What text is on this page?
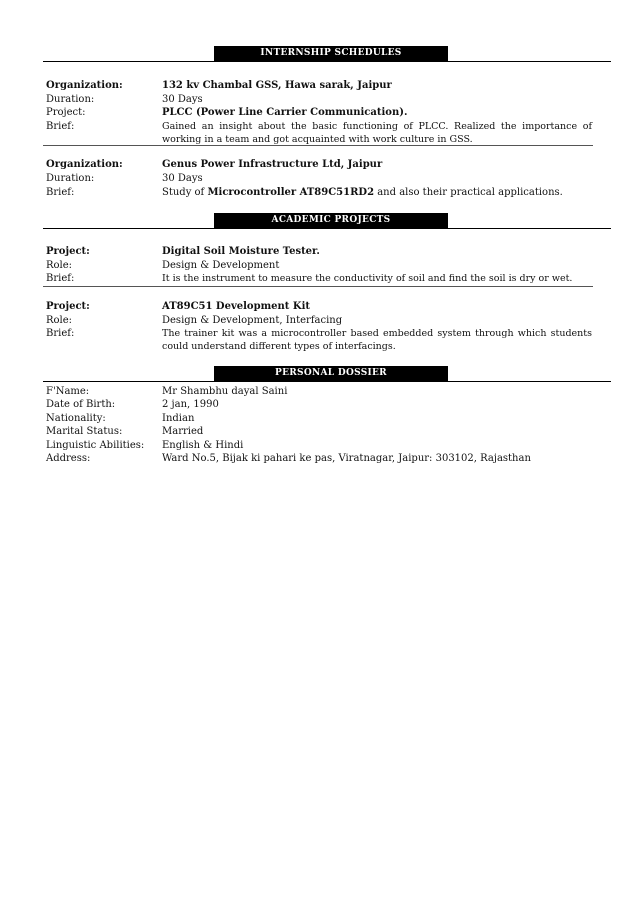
INTERNSHIP SCHEDULES
Organization:	132 kv Chambal GSS, Hawa sarak, Jaipur
Duration:	30 Days
Project:	PLCC (Power Line Carrier Communication).
Brief:	Gained an insight about the basic functioning of PLCC. Realized the importance of working in a team and got acquainted with work culture in GSS.
Organization:	Genus Power Infrastructure Ltd, Jaipur
Duration:	30 Days
Brief:	Study of Microcontroller AT89C51RD2 and also their practical applications.
ACADEMIC PROJECTS
Project:	Digital Soil Moisture Tester.
Role:	Design & Development
Brief:	It is the instrument to measure the conductivity of soil and find the soil is dry or wet.
Project:	AT89C51 Development Kit
Role:	Design & Development, Interfacing
Brief:	The trainer kit was a microcontroller based embedded system through which students could understand different types of interfacings.
PERSONAL DOSSIER
F'Name:	Mr Shambhu dayal Saini
Date of Birth:	2 jan, 1990
Nationality:	Indian
Marital Status:	Married
Linguistic Abilities:	English & Hindi
Address:	Ward No.5, Bijak ki pahari ke pas, Viratnagar, Jaipur: 303102, Rajasthan
